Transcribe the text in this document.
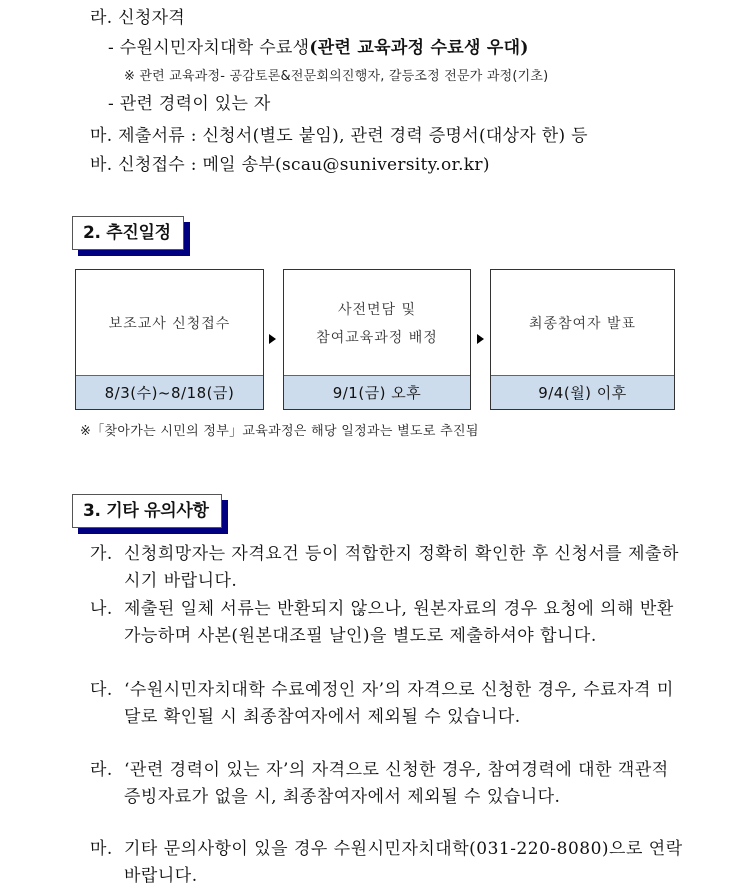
라. 신청자격
- 수원시민자치대학 수료생(관련 교육과정 수료생 우대)
※ 관련 교육과정- 공감토론&전문회의진행자, 갈등조정 전문가 과정(기초)
- 관련 경력이 있는 자
마. 제출서류 : 신청서(별도 붙임), 관련 경력 증명서(대상자 한) 등
바. 신청접수 : 메일 송부(scau@suniversity.or.kr)
2. 추진일정
보조교사 신청접수
8/3(수)~8/18(금)
사전면담 및
참여교육과정 배정
9/1(금) 오후
최종참여자 발표
9/4(월) 이후
※「찾아가는 시민의 정부」교육과정은 해당 일정과는 별도로 추진됨
3. 기타 유의사항
가. 신청희망자는 자격요건 등이 적합한지 정확히 확인한 후 신청서를 제출하시기 바랍니다.
나. 제출된 일체 서류는 반환되지 않으나, 원본자료의 경우 요청에 의해 반환 가능하며 사본(원본대조필 날인)을 별도로 제출하셔야 합니다.
다. ‘수원시민자치대학 수료예정인 자’의 자격으로 신청한 경우, 수료자격 미달로 확인될 시 최종참여자에서 제외될 수 있습니다.
라. ‘관련 경력이 있는 자’의 자격으로 신청한 경우, 참여경력에 대한 객관적 증빙자료가 없을 시, 최종참여자에서 제외될 수 있습니다.
마. 기타 문의사항이 있을 경우 수원시민자치대학(031-220-8080)으로 연락 바랍니다.
